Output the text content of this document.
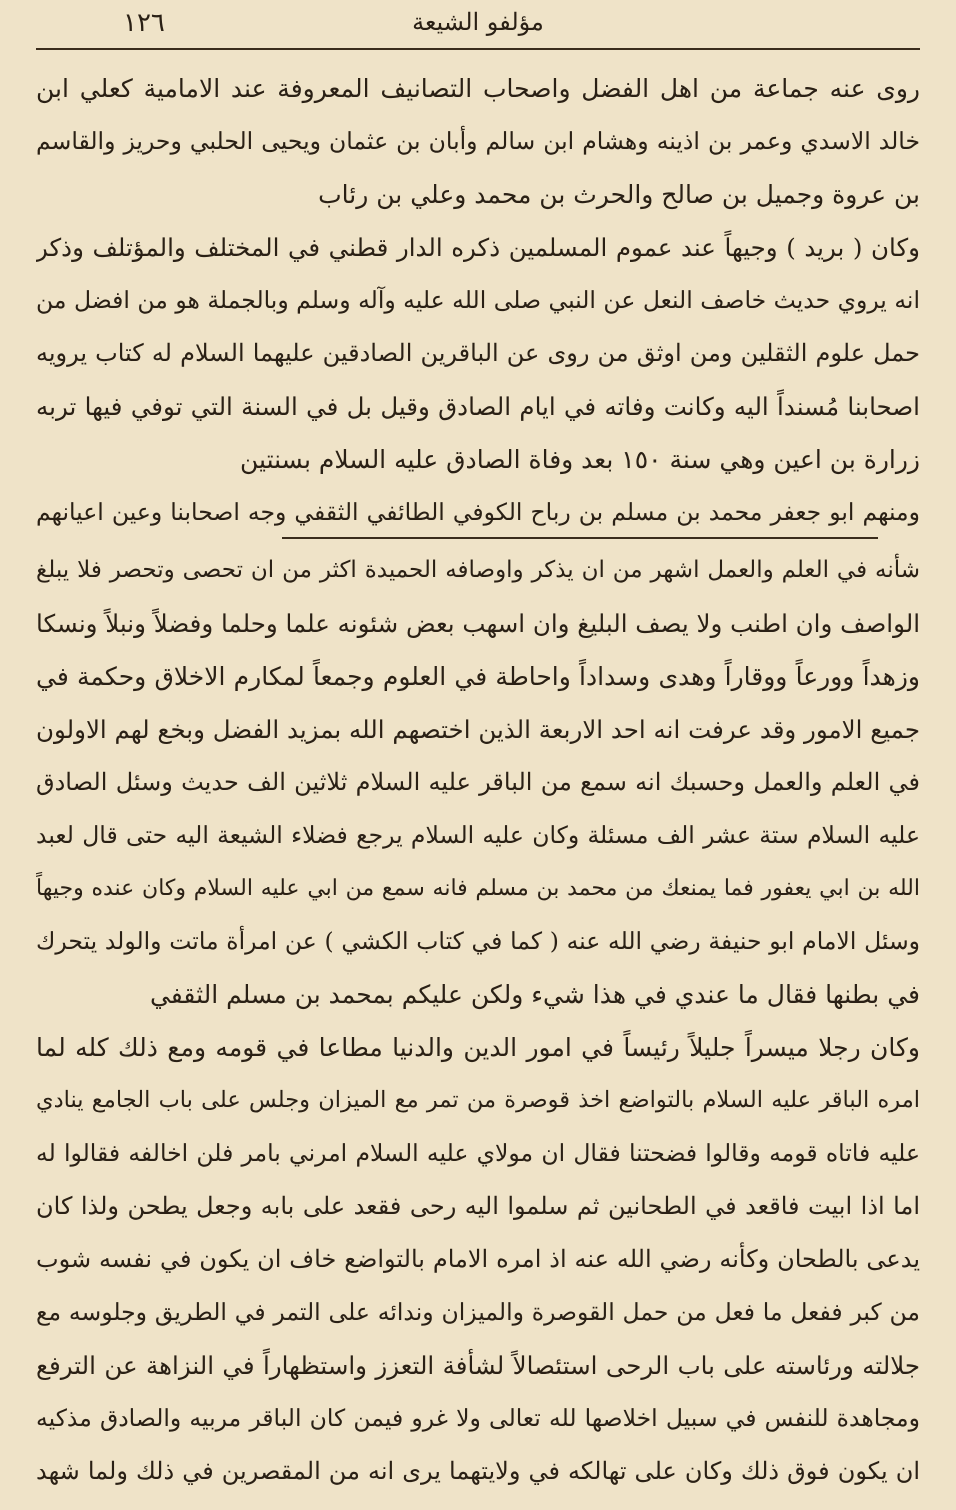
مؤلفو الشيعة
١٢٦
روى عنه جماعة من اهل الفضل واصحاب التصانيف المعروفة عند الامامية كعلي ابن
خالد الاسدي وعمر بن اذينه وهشام ابن سالم وأبان بن عثمان ويحيى الحلبي وحريز والقاسم
بن عروة وجميل بن صالح والحرث بن محمد وعلي بن رئاب
وكان ( بريد ) وجيهاً عند عموم المسلمين ذكره الدار قطني في المختلف والمؤتلف وذكر
انه يروي حديث خاصف النعل عن النبي صلى الله عليه وآله وسلم وبالجملة هو من افضل من
حمل علوم الثقلين ومن اوثق من روى عن الباقرين الصادقين عليهما السلام له كتاب يرويه
اصحابنا مُسنداً اليه وكانت وفاته في ايام الصادق وقيل بل في السنة التي توفي فيها تربه
زرارة بن اعين وهي سنة ١٥٠ بعد وفاة الصادق عليه السلام بسنتين
ومنهم ابو جعفر محمد بن مسلم بن رباح الكوفي الطائفي الثقفي وجه اصحابنا وعين اعيانهم
شأنه في العلم والعمل اشهر من ان يذكر واوصافه الحميدة اكثر من ان تحصى وتحصر فلا يبلغ
الواصف وان اطنب ولا يصف البليغ وان اسهب بعض شئونه علما وحلما وفضلاً ونبلاً ونسكا
وزهداً وورعاً ووقاراً وهدى وسداداً واحاطة في العلوم وجمعاً لمكارم الاخلاق وحكمة في
جميع الامور وقد عرفت انه احد الاربعة الذين اختصهم الله بمزيد الفضل وبخع لهم الاولون
في العلم والعمل وحسبك انه سمع من الباقر عليه السلام ثلاثين الف حديث وسئل الصادق
عليه السلام ستة عشر الف مسئلة وكان عليه السلام يرجع فضلاء الشيعة اليه حتى قال لعبد
الله بن ابي يعفور فما يمنعك من محمد بن مسلم فانه سمع من ابي عليه السلام وكان عنده وجيهاً
وسئل الامام ابو حنيفة رضي الله عنه ( كما في كتاب الكشي ) عن امرأة ماتت والولد يتحرك
في بطنها فقال ما عندي في هذا شيء ولكن عليكم بمحمد بن مسلم الثقفي
وكان رجلا ميسراً جليلاً رئيساً في امور الدين والدنيا مطاعا في قومه ومع ذلك كله لما
امره الباقر عليه السلام بالتواضع اخذ قوصرة من تمر مع الميزان وجلس على باب الجامع ينادي
عليه فاتاه قومه وقالوا فضحتنا فقال ان مولاي عليه السلام امرني بامر فلن اخالفه فقالوا له
اما اذا ابيت فاقعد في الطحانين ثم سلموا اليه رحى فقعد على بابه وجعل يطحن ولذا كان
يدعى بالطحان وكأنه رضي الله عنه اذ امره الامام بالتواضع خاف ان يكون في نفسه شوب
من كبر ففعل ما فعل من حمل القوصرة والميزان وندائه على التمر في الطريق وجلوسه مع
جلالته ورئاسته على باب الرحى استئصالاً لشأفة التعزز واستظهاراً في النزاهة عن الترفع
ومجاهدة للنفس في سبيل اخلاصها لله تعالى ولا غرو فيمن كان الباقر مربيه والصادق مذكيه
ان يكون فوق ذلك وكان على تهالكه في ولايتهما يرى انه من المقصرين في ذلك ولما شهد
